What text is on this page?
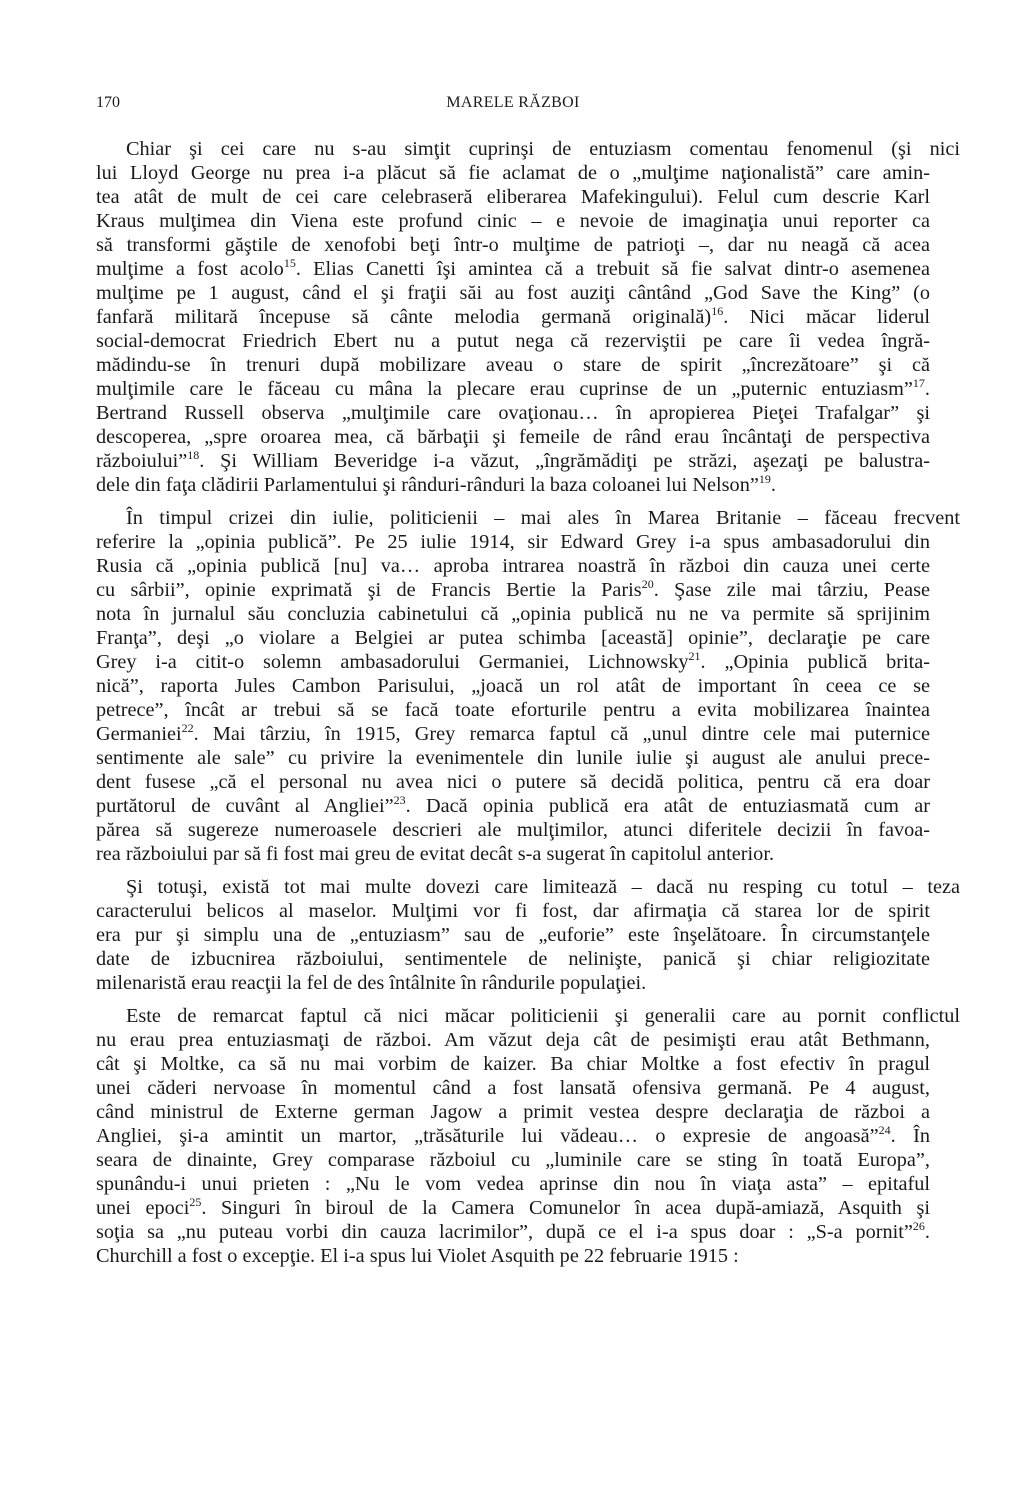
170	MARELE RĂZBOI
Chiar şi cei care nu s-au simţit cuprinşi de entuziasm comentau fenomenul (şi nici
lui Lloyd George nu prea i-a plăcut să fie aclamat de o „mulţime naţionalistă” care amin-
tea atât de mult de cei care celebraseră eliberarea Mafekingului). Felul cum descrie Karl
Kraus mulţimea din Viena este profund cinic – e nevoie de imaginaţia unui reporter ca
să transformi găştile de xenofobi beţi într-o mulţime de patrioţi –, dar nu neagă că acea
mulţime a fost acolo$^{15}$. Elias Canetti îşi amintea că a trebuit să fie salvat dintr-o asemenea
mulţime pe 1 august, când el şi fraţii săi au fost auziţi cântând „God Save the King” (o
fanfară militară începuse să cânte melodia germană originală)$^{16}$. Nici măcar liderul
social-democrat Friedrich Ebert nu a putut nega că rezerviştii pe care îi vedea îngră-
mădindu-se în trenuri după mobilizare aveau o stare de spirit „încrezătoare” şi că
mulţimile care le făceau cu mâna la plecare erau cuprinse de un „puternic entuziasm”$^{17}$.
Bertrand Russell observa „mulţimile care ovaţionau… în apropierea Pieţei Trafalgar” şi
descoperea, „spre oroarea mea, că bărbaţii şi femeile de rând erau încântaţi de perspectiva
războiului”$^{18}$. Şi William Beveridge i-a văzut, „îngrămădiţi pe străzi, aşezaţi pe balustra-
dele din faţa clădirii Parlamentului şi rânduri-rânduri la baza coloanei lui Nelson”$^{19}$.
În timpul crizei din iulie, politicienii – mai ales în Marea Britanie – făceau frecvent
referire la „opinia publică”. Pe 25 iulie 1914, sir Edward Grey i-a spus ambasadorului din
Rusia că „opinia publică [nu] va… aproba intrarea noastră în război din cauza unei certe
cu sârbii”, opinie exprimată şi de Francis Bertie la Paris$^{20}$. Şase zile mai târziu, Pease
nota în jurnalul său concluzia cabinetului că „opinia publică nu ne va permite să sprijinim
Franţa”, deşi „o violare a Belgiei ar putea schimba [această] opinie”, declaraţie pe care
Grey i-a citit-o solemn ambasadorului Germaniei, Lichnowsky$^{21}$. „Opinia publică brita-
nică”, raporta Jules Cambon Parisului, „joacă un rol atât de important în ceea ce se
petrece”, încât ar trebui să se facă toate eforturile pentru a evita mobilizarea înaintea
Germaniei$^{22}$. Mai târziu, în 1915, Grey remarca faptul că „unul dintre cele mai puternice
sentimente ale sale” cu privire la evenimentele din lunile iulie şi august ale anului prece-
dent fusese „că el personal nu avea nici o putere să decidă politica, pentru că era doar
purtătorul de cuvânt al Angliei”$^{23}$. Dacă opinia publică era atât de entuziasmată cum ar
părea să sugereze numeroasele descrieri ale mulţimilor, atunci diferitele decizii în favoa-
rea războiului par să fi fost mai greu de evitat decât s-a sugerat în capitolul anterior.
Şi totuşi, există tot mai multe dovezi care limitează – dacă nu resping cu totul – teza
caracterului belicos al maselor. Mulţimi vor fi fost, dar afirmaţia că starea lor de spirit
era pur şi simplu una de „entuziasm” sau de „euforie” este înşelătoare. În circumstanţele
date de izbucnirea războiului, sentimentele de nelinişte, panică şi chiar religiozitate
milenaristă erau reacţii la fel de des întâlnite în rândurile populaţiei.
Este de remarcat faptul că nici măcar politicienii şi generalii care au pornit conflictul
nu erau prea entuziasmaţi de război. Am văzut deja cât de pesimişti erau atât Bethmann,
cât şi Moltke, ca să nu mai vorbim de kaizer. Ba chiar Moltke a fost efectiv în pragul
unei căderi nervoase în momentul când a fost lansată ofensiva germană. Pe 4 august,
când ministrul de Externe german Jagow a primit vestea despre declaraţia de război a
Angliei, şi-a amintit un martor, „trăsăturile lui vădeau… o expresie de angoasă”$^{24}$. În
seara de dinainte, Grey comparase războiul cu „luminile care se sting în toată Europa”,
spunându-i unui prieten : „Nu le vom vedea aprinse din nou în viaţa asta” – epitaful
unei epoci$^{25}$. Singuri în biroul de la Camera Comunelor în acea după-amiază, Asquith şi
soţia sa „nu puteau vorbi din cauza lacrimilor”, după ce el i-a spus doar : „S-a pornit”$^{26}$.
Churchill a fost o excepţie. El i-a spus lui Violet Asquith pe 22 februarie 1915 :
